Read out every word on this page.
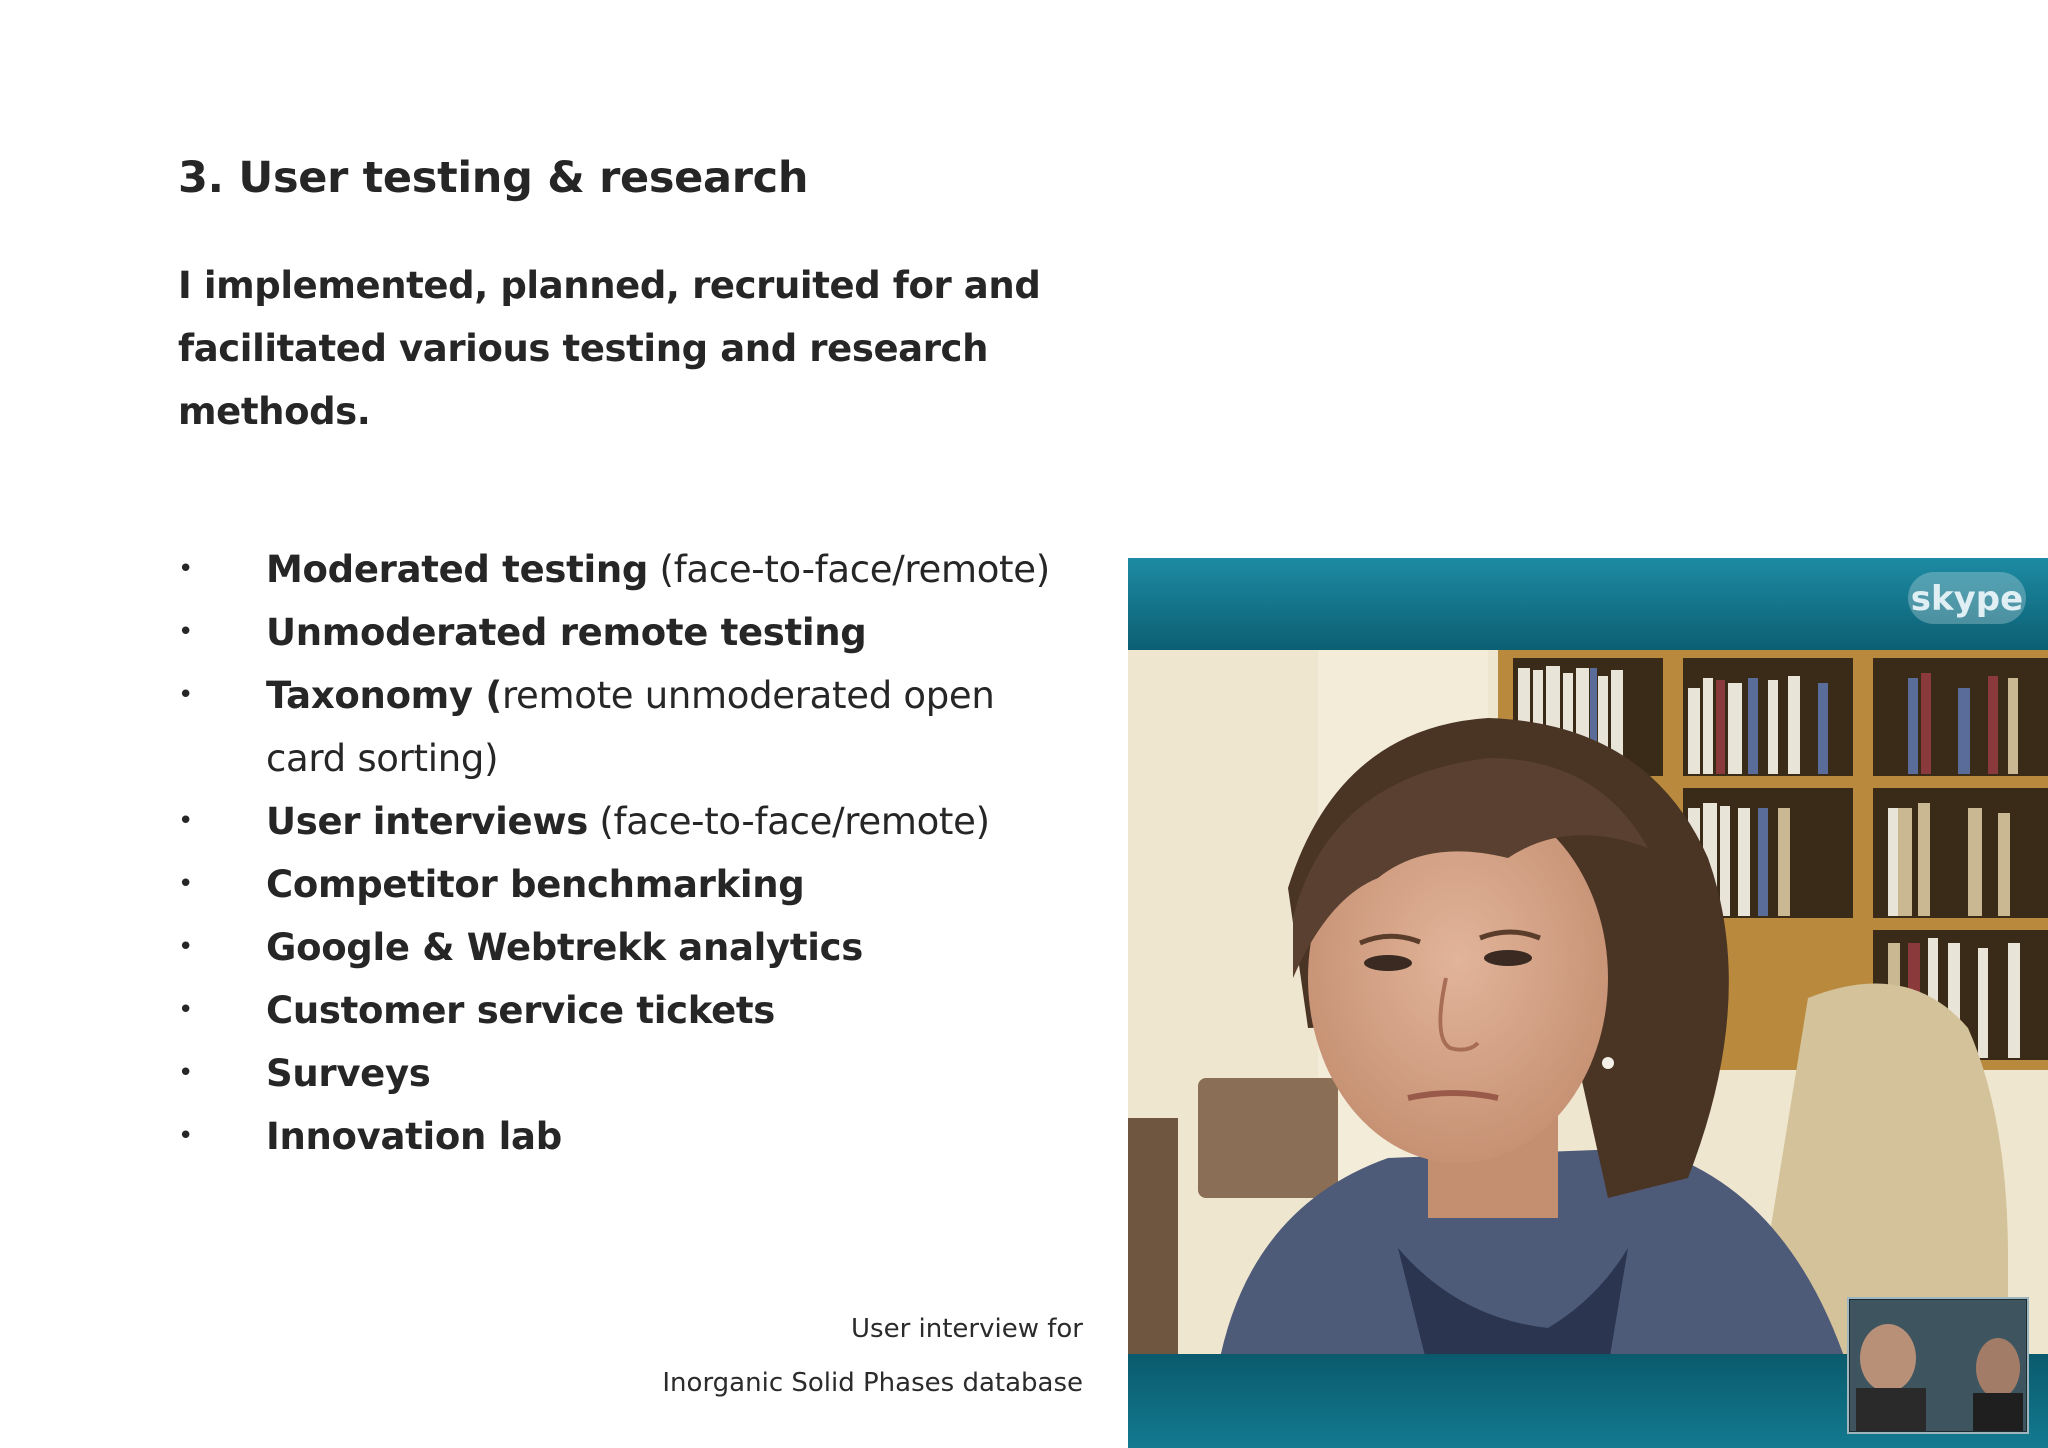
3. User testing & research

I implemented, planned, recruited for and facilitated various testing and research methods.

• Moderated testing (face-to-face/remote)
• Unmoderated remote testing
• Taxonomy (remote unmoderated open card sorting)
• User interviews (face-to-face/remote)
• Competitor benchmarking
• Google & Webtrekk analytics
• Customer service tickets
• Surveys
• Innovation lab
User interview for
Inorganic Solid Phases database
skype
